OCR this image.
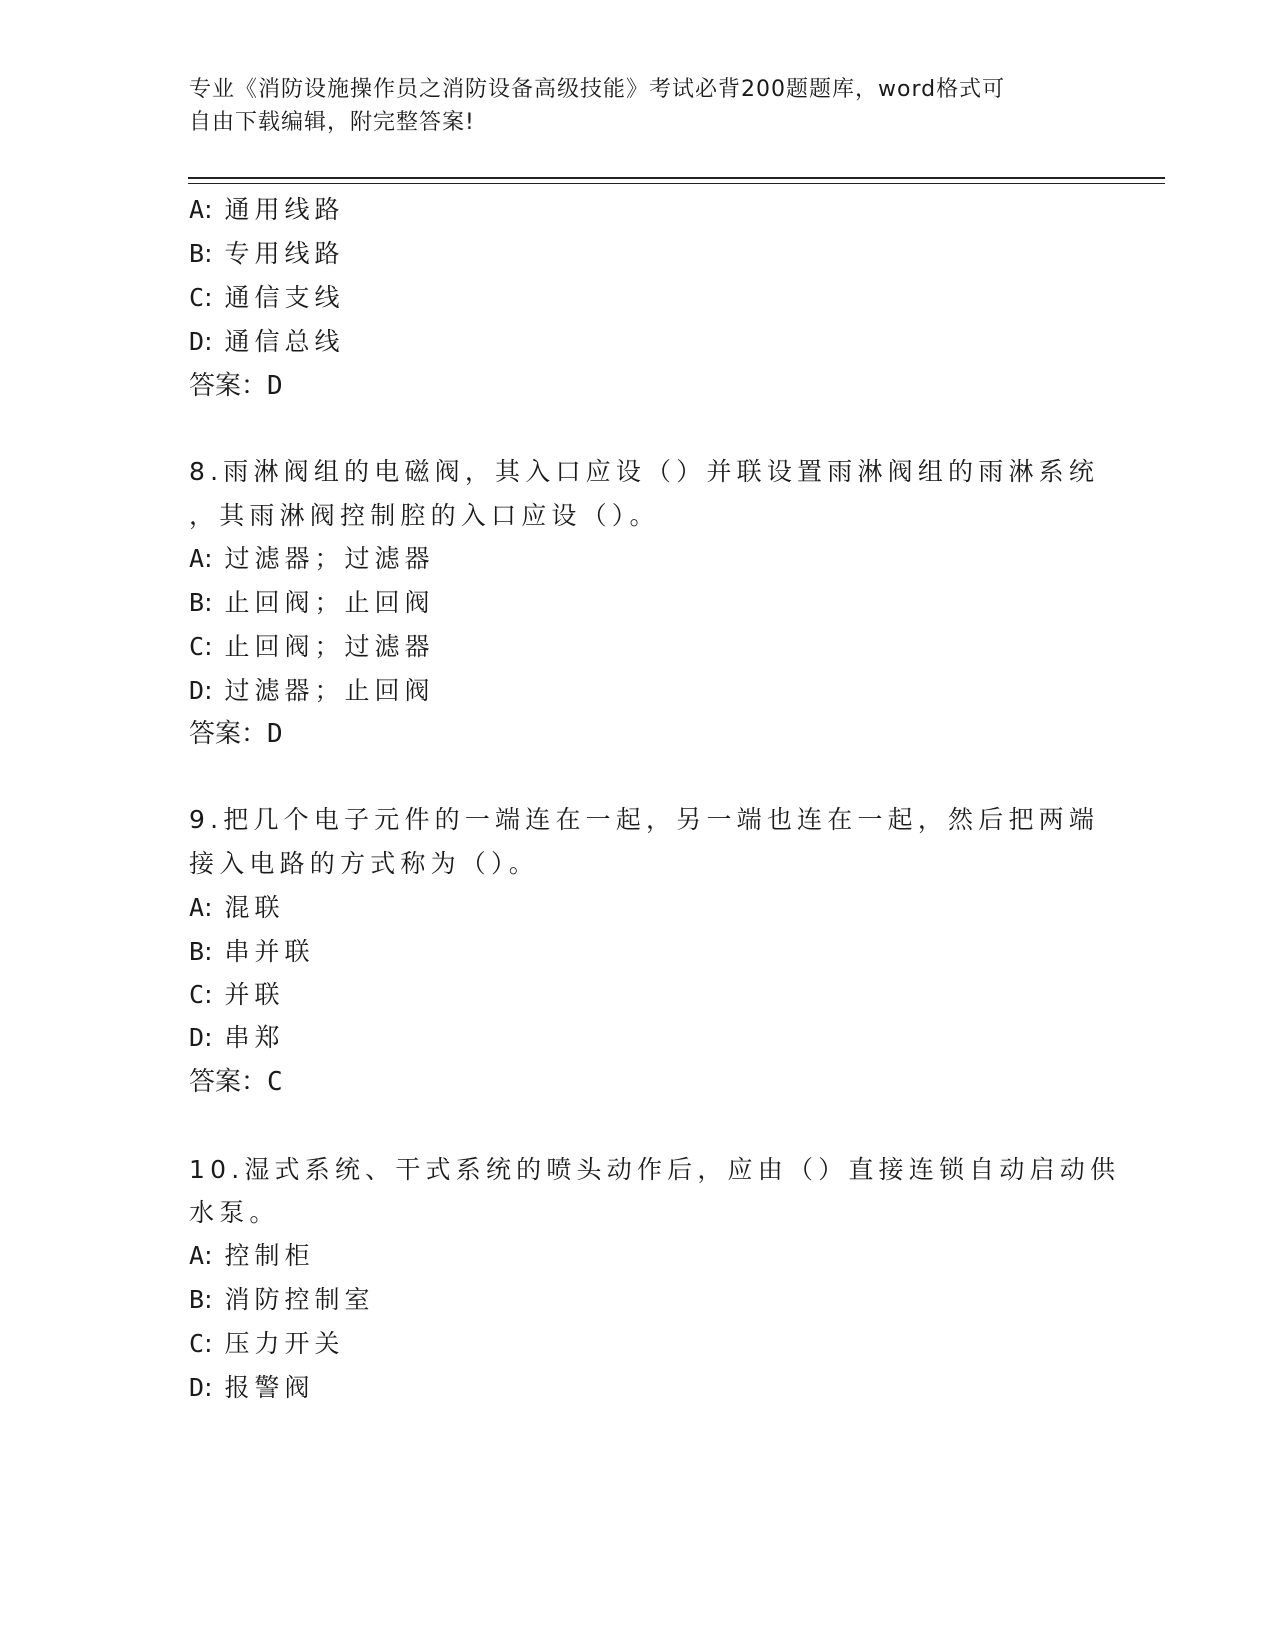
专业《消防设施操作员之消防设备高级技能》考试必背200题题库，word格式可
自由下载编辑，附完整答案!
A: 通用线路
B: 专用线路
C: 通信支线
D: 通信总线
答案：D
8.雨淋阀组的电磁阀，其入口应设（）并联设置雨淋阀组的雨淋系统
，其雨淋阀控制腔的入口应设（）。
A: 过滤器；过滤器
B: 止回阀；止回阀
C: 止回阀；过滤器
D: 过滤器；止回阀
答案：D
9.把几个电子元件的一端连在一起，另一端也连在一起，然后把两端
接入电路的方式称为（）。
A: 混联
B: 串并联
C: 并联
D: 串郑
答案：C
10.湿式系统、干式系统的喷头动作后，应由（）直接连锁自动启动供
水泵。
A: 控制柜
B: 消防控制室
C: 压力开关
D: 报警阀
